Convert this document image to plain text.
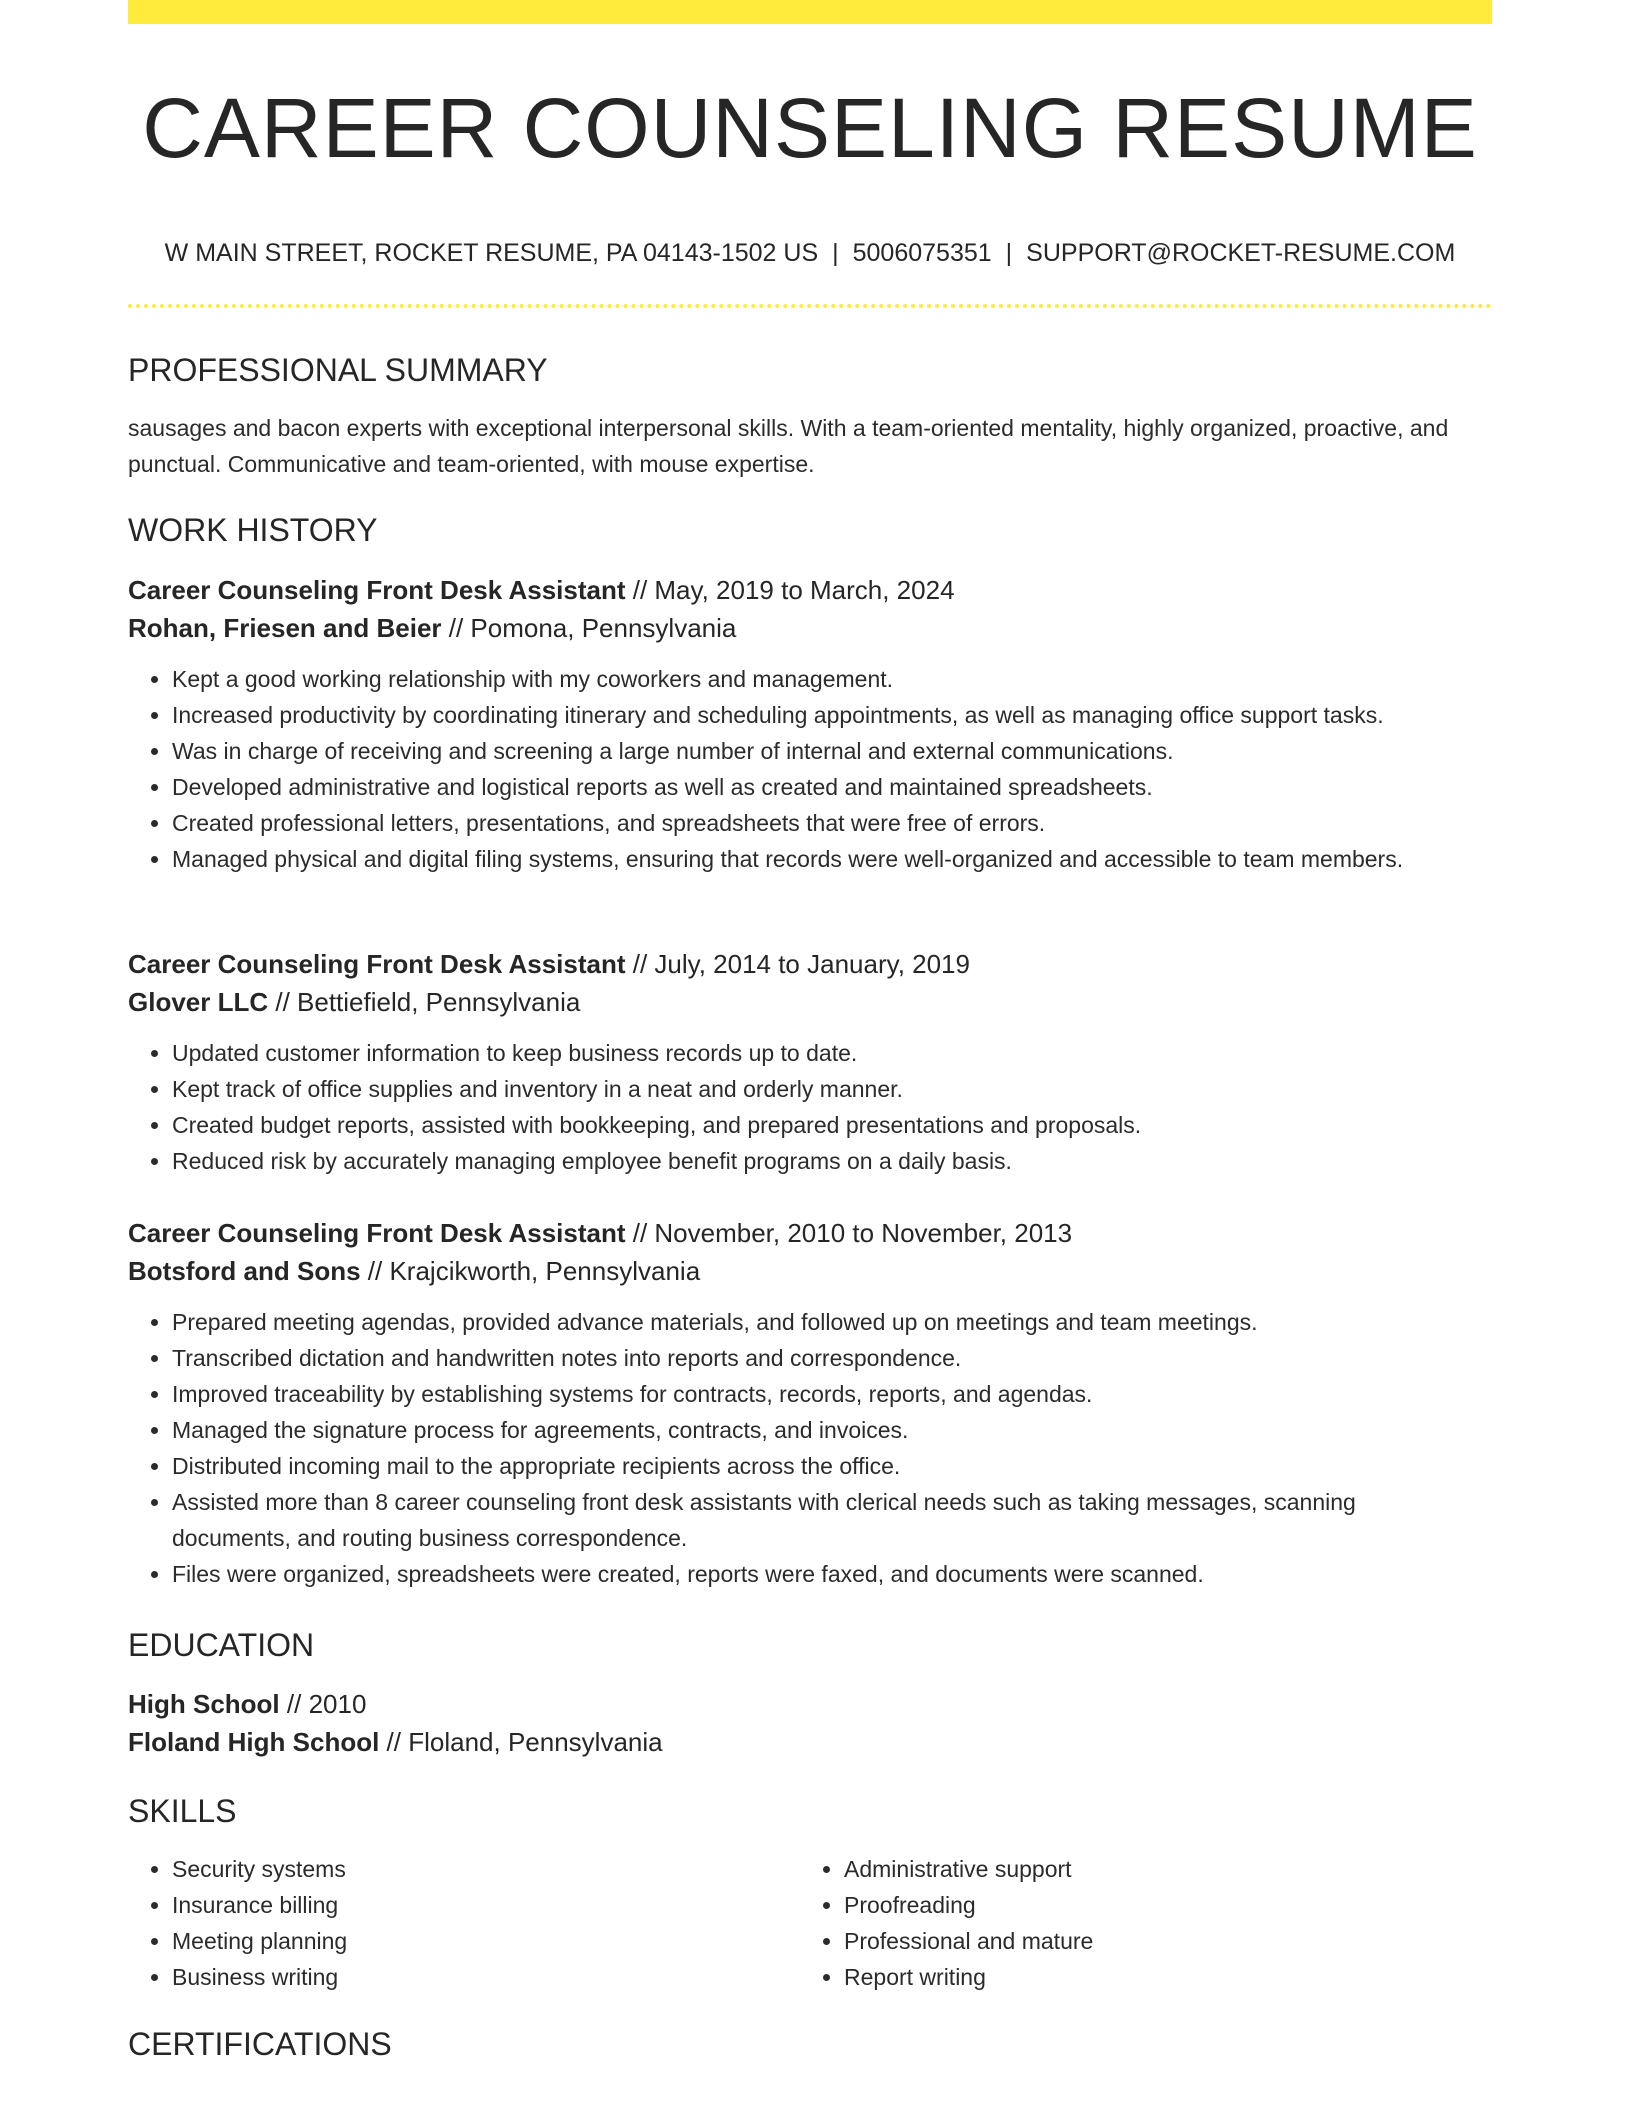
CAREER COUNSELING RESUME
W MAIN STREET, ROCKET RESUME, PA 04143-1502 US | 5006075351 | SUPPORT@ROCKET-RESUME.COM
PROFESSIONAL SUMMARY

sausages and bacon experts with exceptional interpersonal skills. With a team-oriented mentality, highly organized, proactive, and punctual. Communicative and team-oriented, with mouse expertise.

WORK HISTORY

Career Counseling Front Desk Assistant // May, 2019 to March, 2024

Rohan, Friesen and Beier // Pomona, Pennsylvania

• Kept a good working relationship with my coworkers and management.
• Increased productivity by coordinating itinerary and scheduling appointments, as well as managing office support tasks.
• Was in charge of receiving and screening a large number of internal and external communications.
• Developed administrative and logistical reports as well as created and maintained spreadsheets.
• Created professional letters, presentations, and spreadsheets that were free of errors.
• Managed physical and digital filing systems, ensuring that records were well-organized and accessible to team members.

Career Counseling Front Desk Assistant // July, 2014 to January, 2019

Glover LLC // Bettiefield, Pennsylvania

• Updated customer information to keep business records up to date.
• Kept track of office supplies and inventory in a neat and orderly manner.
• Created budget reports, assisted with bookkeeping, and prepared presentations and proposals.
• Reduced risk by accurately managing employee benefit programs on a daily basis.

Career Counseling Front Desk Assistant // November, 2010 to November, 2013

Botsford and Sons // Krajcikworth, Pennsylvania

• Prepared meeting agendas, provided advance materials, and followed up on meetings and team meetings.
• Transcribed dictation and handwritten notes into reports and correspondence.
• Improved traceability by establishing systems for contracts, records, reports, and agendas.
• Managed the signature process for agreements, contracts, and invoices.
• Distributed incoming mail to the appropriate recipients across the office.
• Assisted more than 8 career counseling front desk assistants with clerical needs such as taking messages, scanning documents, and routing business correspondence.
• Files were organized, spreadsheets were created, reports were faxed, and documents were scanned.
EDUCATION

High School // 2010

Floland High School // Floland, Pennsylvania

SKILLS
• Security systems
• Insurance billing
• Meeting planning
• Business writing
• Administrative support
• Proofreading
• Professional and mature
• Report writing
CERTIFICATIONS
